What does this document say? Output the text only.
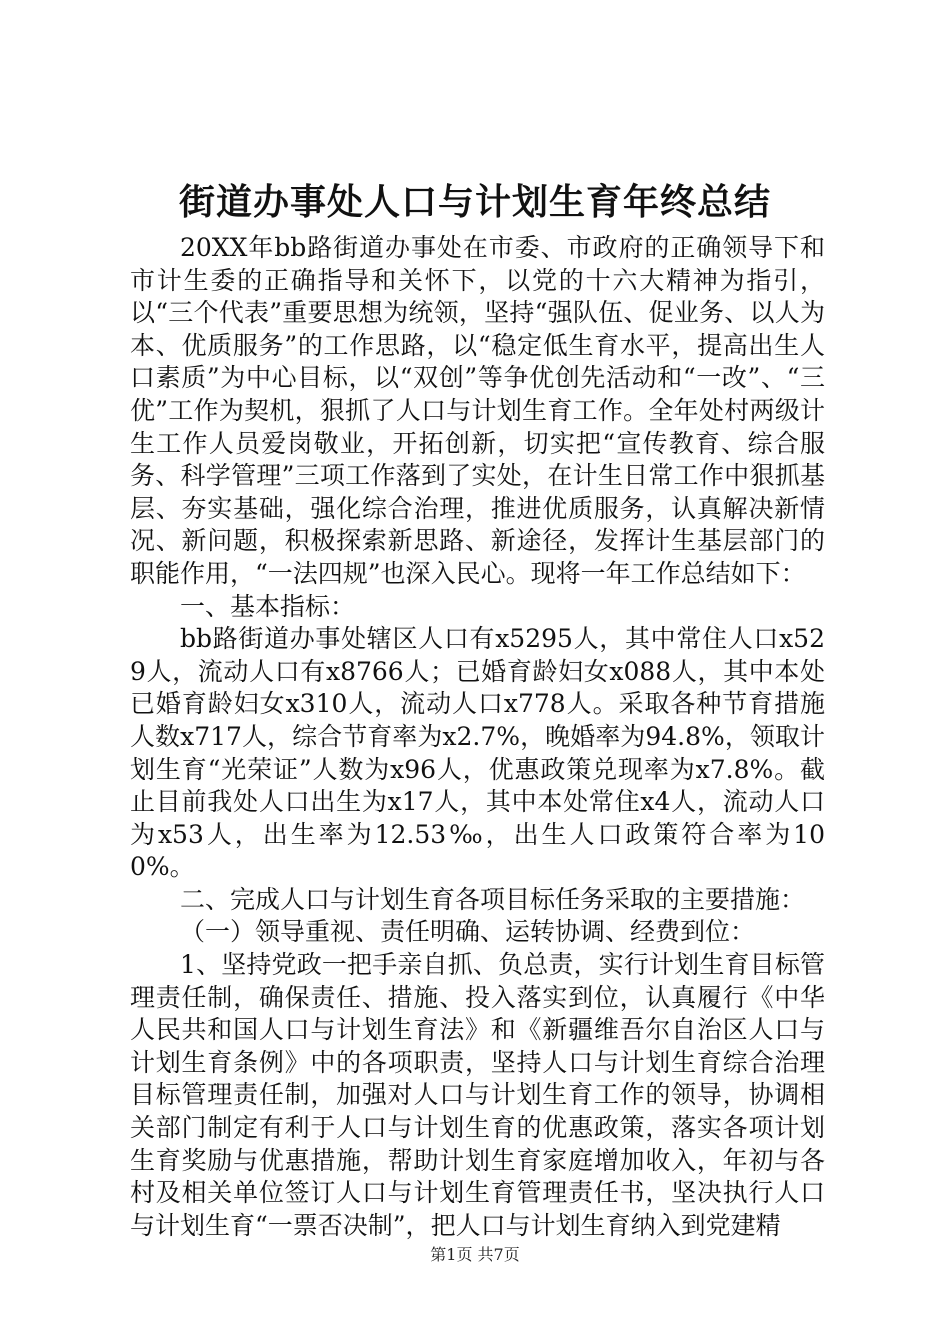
街道办事处人口与计划生育年终总结

20XX年bb路街道办事处在市委、市政府的正确领导下和市计生委的正确指导和关怀下，以党的十六大精神为指引，以“三个代表”重要思想为统领，坚持“强队伍、促业务、以人为本、优质服务”的工作思路，以“稳定低生育水平，提高出生人口素质”为中心目标，以“双创”等争优创先活动和“一改”、“三优”工作为契机，狠抓了人口与计划生育工作。全年处村两级计生工作人员爱岗敬业，开拓创新，切实把“宣传教育、综合服务、科学管理”三项工作落到了实处，在计生日常工作中狠抓基层、夯实基础，强化综合治理，推进优质服务，认真解决新情况、新问题，积极探索新思路、新途径，发挥计生基层部门的职能作用，“一法四规”也深入民心。现将一年工作总结如下：

一、基本指标：

bb路街道办事处辖区人口有x5295人，其中常住人口x529人，流动人口有x8766人；已婚育龄妇女x088人，其中本处已婚育龄妇女x310人，流动人口x778人。采取各种节育措施人数x717人，综合节育率为x2.7%，晚婚率为94.8%，领取计划生育“光荣证”人数为x96人，优惠政策兑现率为x7.8%。截止目前我处人口出生为x17人，其中本处常住x4人，流动人口为x53人，出生率为12.53‰，出生人口政策符合率为100%。

二、完成人口与计划生育各项目标任务采取的主要措施：

（一）领导重视、责任明确、运转协调、经费到位：

1、坚持党政一把手亲自抓、负总责，实行计划生育目标管理责任制，确保责任、措施、投入落实到位，认真履行《中华人民共和国人口与计划生育法》和《新疆维吾尔自治区人口与计划生育条例》中的各项职责，坚持人口与计划生育综合治理目标管理责任制，加强对人口与计划生育工作的领导，协调相关部门制定有利于人口与计划生育的优惠政策，落实各项计划生育奖励与优惠措施，帮助计划生育家庭增加收入，年初与各村及相关单位签订人口与计划生育管理责任书，坚决执行人口与计划生育“一票否决制”，把人口与计划生育纳入到党建精

第1页 共7页
